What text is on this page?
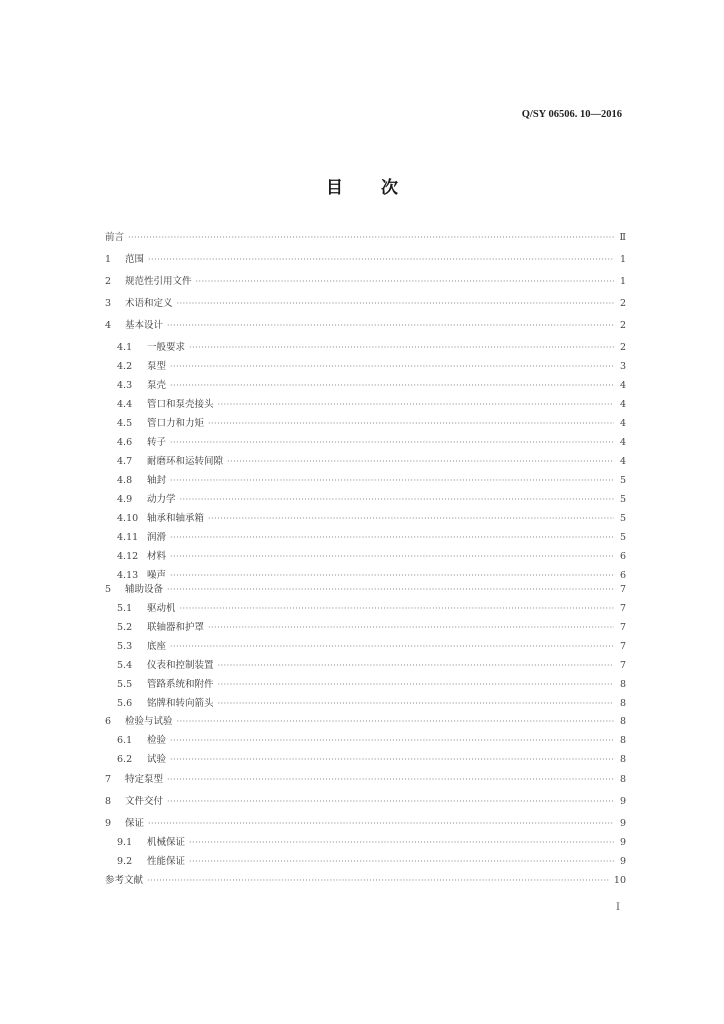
Q/SY 06506. 10—2016
目次
前言 ·····	Ⅱ
1	范围 ·····	1
2	规范性引用文件 ·····	1
3	术语和定义 ·····	2
4	基本设计 ·····	2
4.1	一般要求 ·····	2
4.2	泵型 ·····	3
4.3	泵壳 ·····	4
4.4	管口和泵壳接头 ·····	4
4.5	管口力和力矩 ·····	4
4.6	转子 ·····	4
4.7	耐磨环和运转间隙 ·····	4
4.8	轴封 ·····	5
4.9	动力学 ·····	5
4.10 轴承和轴承箱 ·····	5
4.11 润滑 ·····	5
4.12 材料 ·····	6
4.13 噪声 ·····	6
5	辅助设备 ·····	7
5.1	驱动机 ·····	7
5.2	联轴器和护罩 ·····	7
5.3	底座 ·····	7
5.4	仪表和控制装置 ·····	7
5.5	管路系统和附件 ·····	8
5.6	铭牌和转向箭头 ·····	8
6	检验与试验 ·····	8
6.1	检验 ·····	8
6.2	试验 ·····	8
7	特定泵型 ·····	8
8	文件交付 ·····	9
9	保证 ·····	9
9.1	机械保证 ·····	9
9.2	性能保证 ·····	9
参考文献 ·····	10
I
